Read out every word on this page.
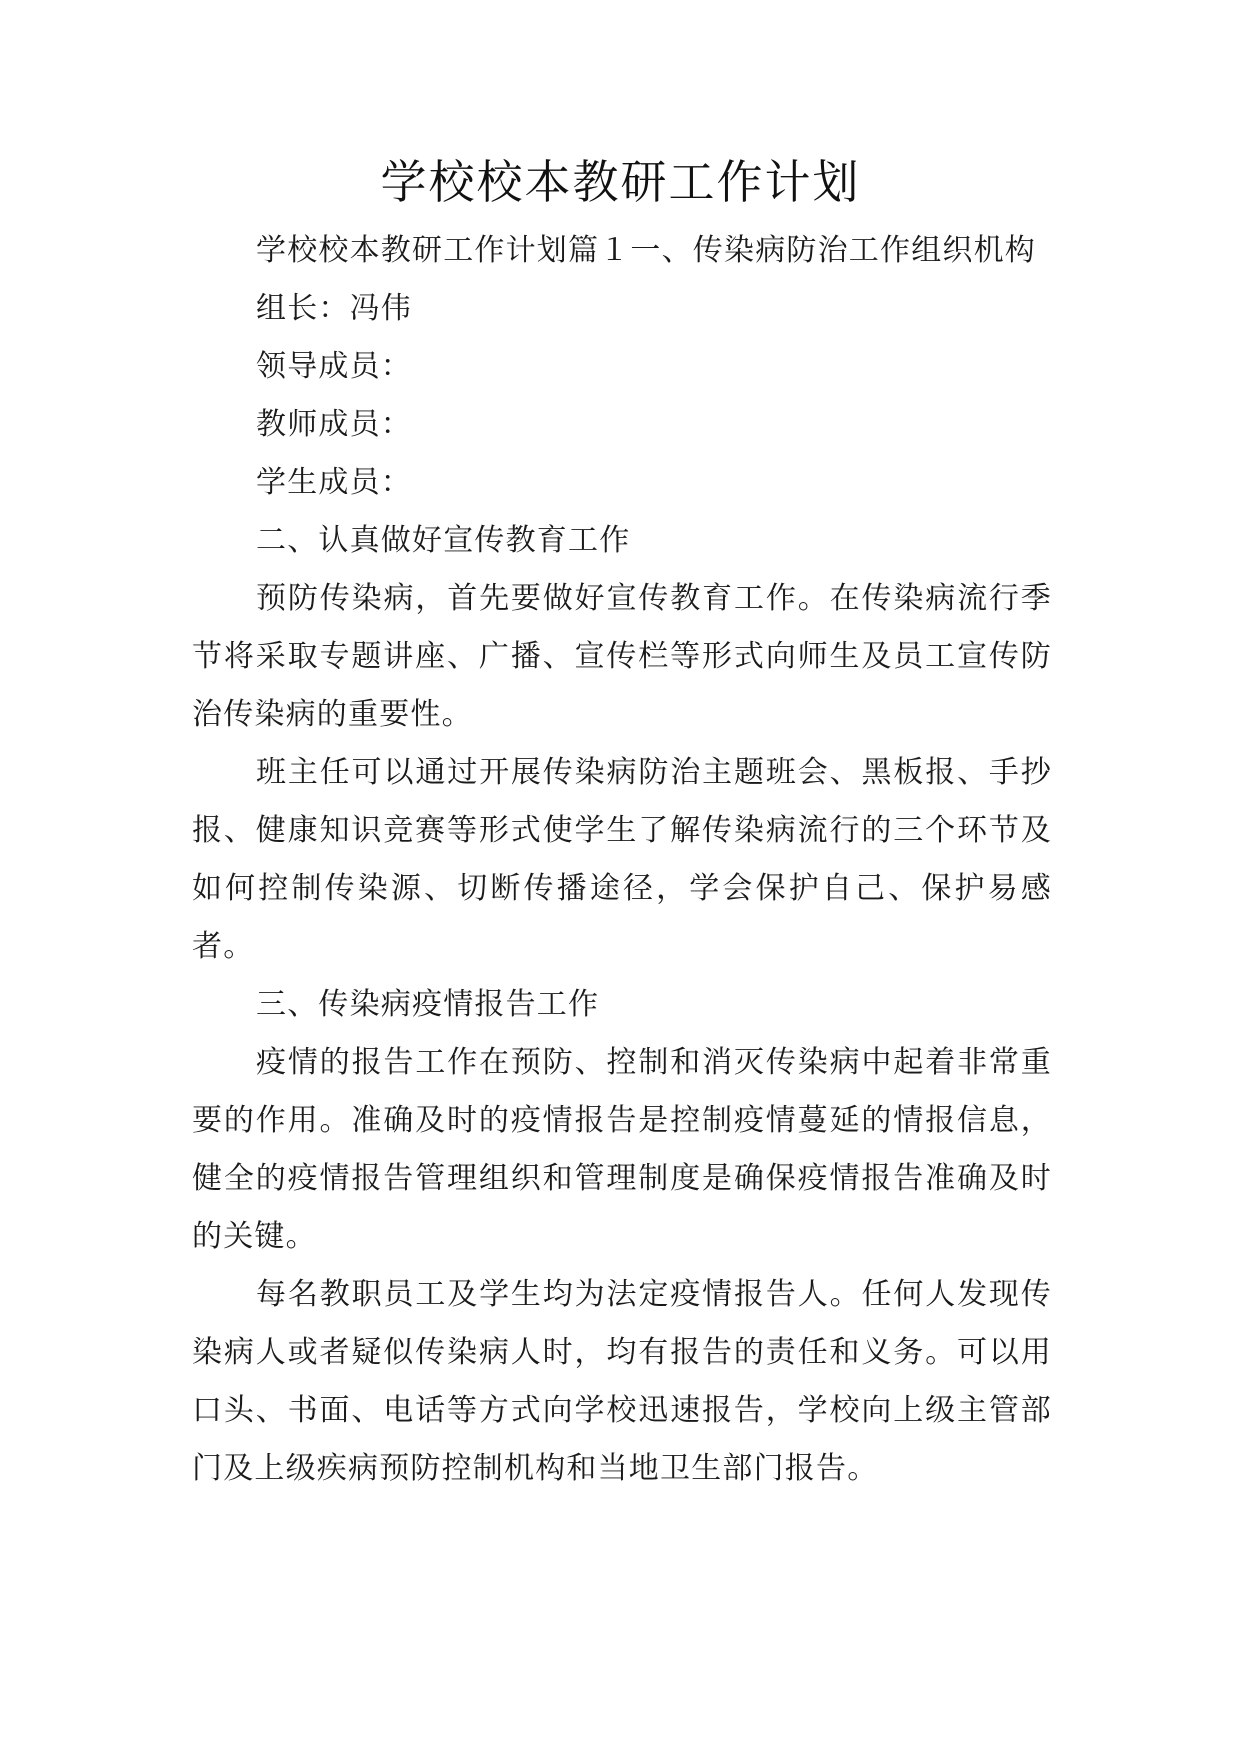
学校校本教研工作计划

学校校本教研工作计划篇１一、传染病防治工作组织机构

组长：冯伟

领导成员：

教师成员：

学生成员：

二、认真做好宣传教育工作

预防传染病，首先要做好宣传教育工作。在传染病流行季节将采取专题讲座、广播、宣传栏等形式向师生及员工宣传防治传染病的重要性。

班主任可以通过开展传染病防治主题班会、黑板报、手抄报、健康知识竞赛等形式使学生了解传染病流行的三个环节及如何控制传染源、切断传播途径，学会保护自己、保护易感者。

三、传染病疫情报告工作

疫情的报告工作在预防、控制和消灭传染病中起着非常重要的作用。准确及时的疫情报告是控制疫情蔓延的情报信息，健全的疫情报告管理组织和管理制度是确保疫情报告准确及时的关键。

每名教职员工及学生均为法定疫情报告人。任何人发现传染病人或者疑似传染病人时，均有报告的责任和义务。可以用口头、书面、电话等方式向学校迅速报告，学校向上级主管部门及上级疾病预防控制机构和当地卫生部门报告。
